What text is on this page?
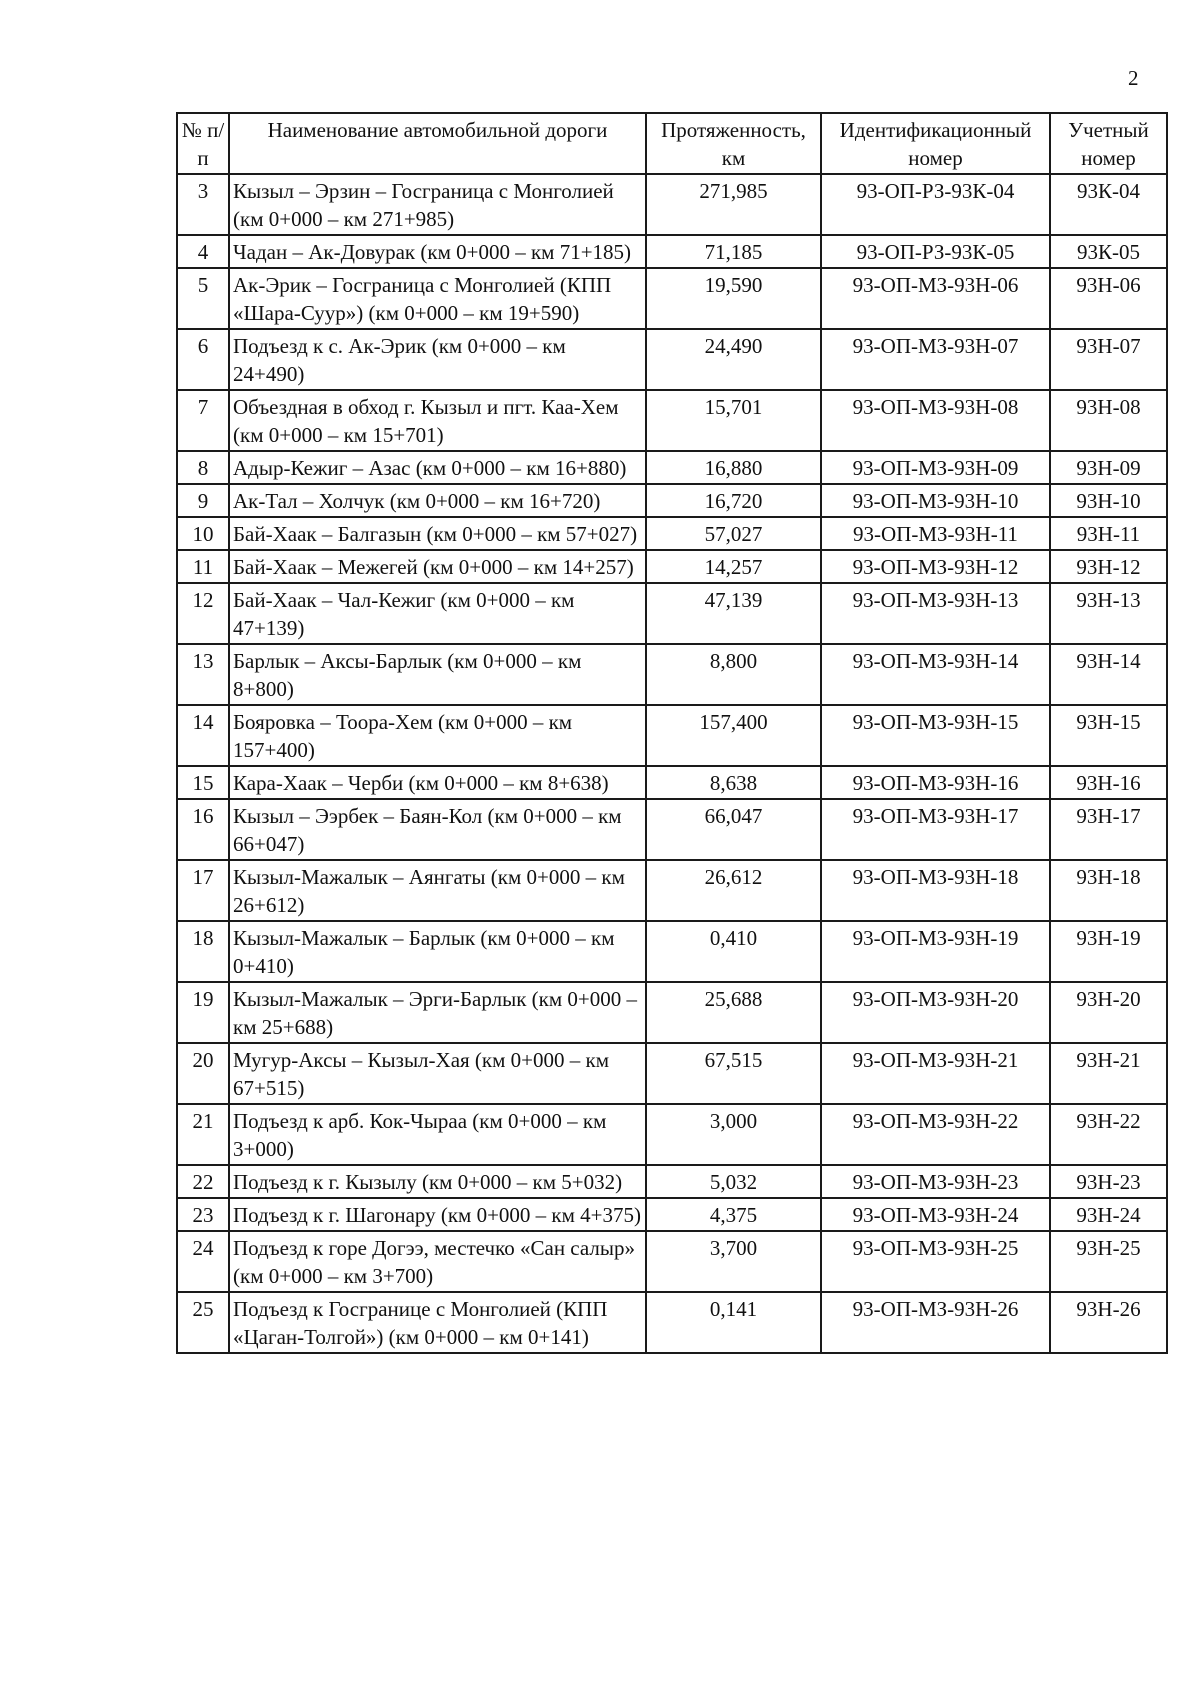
2
№ п/п	Наименование автомобильной дороги	Протяженность, км	Идентификационный номер	Учетный номер
3	Кызыл – Эрзин – Госграница с Монголией (км 0+000 – км 271+985)	271,985	93-ОП-РЗ-93К-04	93К-04
4	Чадан – Ак-Довурак (км 0+000 – км 71+185)	71,185	93-ОП-РЗ-93К-05	93К-05
5	Ак-Эрик – Госграница с Монголией (КПП «Шара-Суур») (км 0+000 – км 19+590)	19,590	93-ОП-МЗ-93Н-06	93Н-06
6	Подъезд к с. Ак-Эрик (км 0+000 – км 24+490)	24,490	93-ОП-МЗ-93Н-07	93Н-07
7	Объездная в обход г. Кызыл и пгт. Каа-Хем (км 0+000 – км 15+701)	15,701	93-ОП-МЗ-93Н-08	93Н-08
8	Адыр-Кежиг – Азас (км 0+000 – км 16+880)	16,880	93-ОП-МЗ-93Н-09	93Н-09
9	Ак-Тал – Холчук (км 0+000 – км 16+720)	16,720	93-ОП-МЗ-93Н-10	93Н-10
10	Бай-Хаак – Балгазын (км 0+000 – км 57+027)	57,027	93-ОП-МЗ-93Н-11	93Н-11
11	Бай-Хаак – Межегей (км 0+000 – км 14+257)	14,257	93-ОП-МЗ-93Н-12	93Н-12
12	Бай-Хаак – Чал-Кежиг (км 0+000 – км 47+139)	47,139	93-ОП-МЗ-93Н-13	93Н-13
13	Барлык – Аксы-Барлык (км 0+000 – км 8+800)	8,800	93-ОП-МЗ-93Н-14	93Н-14
14	Бояровка – Тоора-Хем (км 0+000 – км 157+400)	157,400	93-ОП-МЗ-93Н-15	93Н-15
15	Кара-Хаак – Черби (км 0+000 – км 8+638)	8,638	93-ОП-МЗ-93Н-16	93Н-16
16	Кызыл – Ээрбек – Баян-Кол (км 0+000 – км 66+047)	66,047	93-ОП-МЗ-93Н-17	93Н-17
17	Кызыл-Мажалык – Аянгаты (км 0+000 – км 26+612)	26,612	93-ОП-МЗ-93Н-18	93Н-18
18	Кызыл-Мажалык – Барлык (км 0+000 – км 0+410)	0,410	93-ОП-МЗ-93Н-19	93Н-19
19	Кызыл-Мажалык – Эрги-Барлык (км 0+000 – км 25+688)	25,688	93-ОП-МЗ-93Н-20	93Н-20
20	Мугур-Аксы – Кызыл-Хая (км 0+000 – км 67+515)	67,515	93-ОП-МЗ-93Н-21	93Н-21
21	Подъезд к арб. Кок-Чыраа (км 0+000 – км 3+000)	3,000	93-ОП-МЗ-93Н-22	93Н-22
22	Подъезд к г. Кызылу (км 0+000 – км 5+032)	5,032	93-ОП-МЗ-93Н-23	93Н-23
23	Подъезд к г. Шагонару (км 0+000 – км 4+375)	4,375	93-ОП-МЗ-93Н-24	93Н-24
24	Подъезд к горе Догээ, местечко «Сан салыр» (км 0+000 – км 3+700)	3,700	93-ОП-МЗ-93Н-25	93Н-25
25	Подъезд к Госгранице с Монголией (КПП «Цаган-Толгой») (км 0+000 – км 0+141)	0,141	93-ОП-МЗ-93Н-26	93Н-26
